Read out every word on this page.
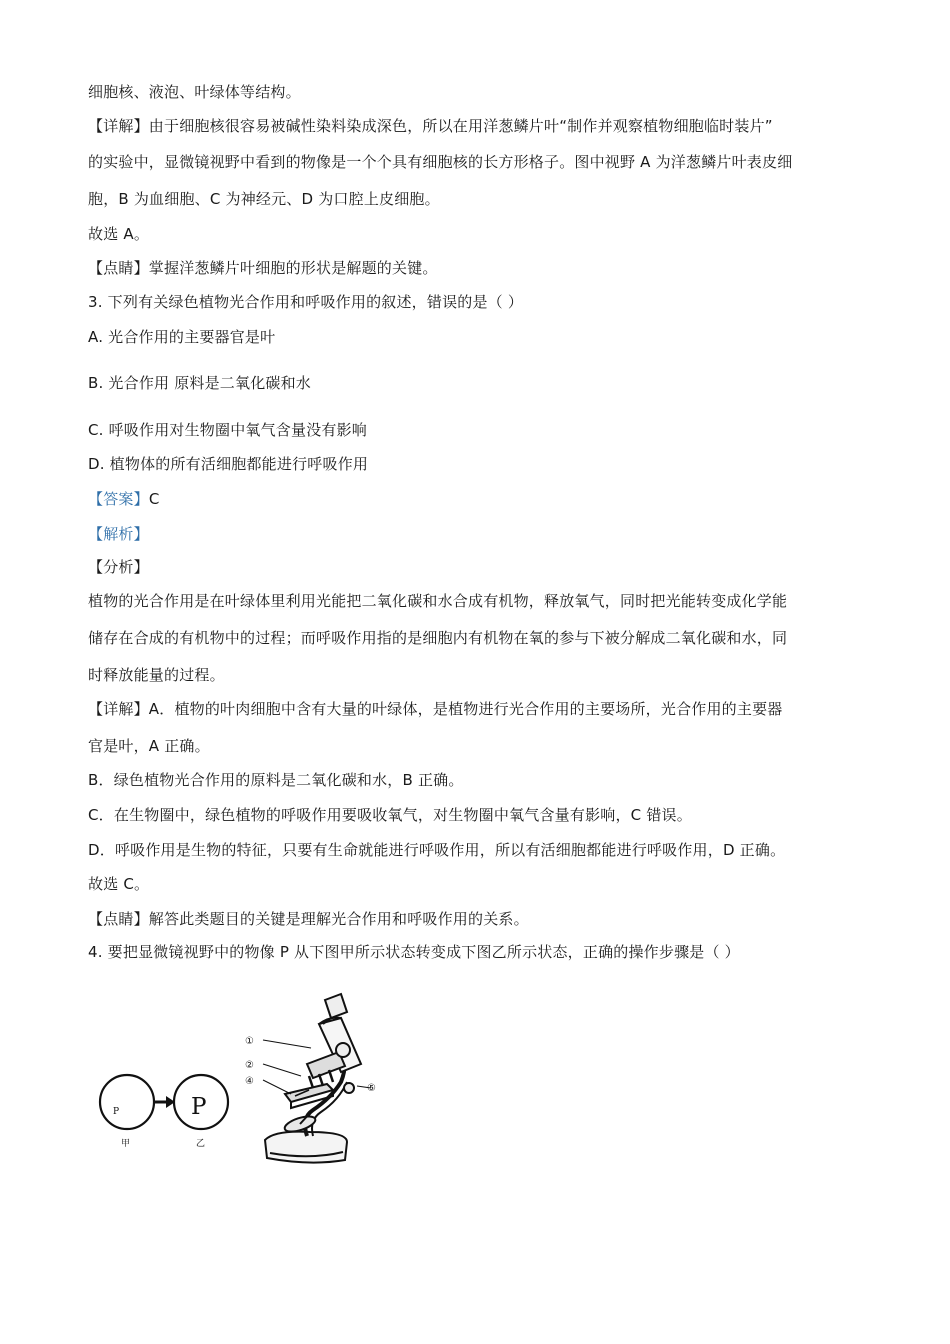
细胞核、液泡、叶绿体等结构。
【详解】由于细胞核很容易被碱性染料染成深色，所以在用洋葱鳞片叶“制作并观察植物细胞临时装片”
的实验中，显微镜视野中看到的物像是一个个具有细胞核的长方形格子。图中视野 A 为洋葱鳞片叶表皮细
胞，B 为血细胞、C 为神经元、D 为口腔上皮细胞。
故选 A。
【点睛】掌握洋葱鳞片叶细胞的形状是解题的关键。
3. 下列有关绿色植物光合作用和呼吸作用的叙述，错误的是（ ）
A. 光合作用的主要器官是叶
B. 光合作用 原料是二氧化碳和水
C. 呼吸作用对生物圈中氧气含量没有影响
D. 植物体的所有活细胞都能进行呼吸作用
【答案】C
【解析】
【分析】
植物的光合作用是在叶绿体里利用光能把二氧化碳和水合成有机物，释放氧气，同时把光能转变成化学能
储存在合成的有机物中的过程；而呼吸作用指的是细胞内有机物在氧的参与下被分解成二氧化碳和水，同
时释放能量的过程。
【详解】A．植物的叶肉细胞中含有大量的叶绿体，是植物进行光合作用的主要场所，光合作用的主要器
官是叶，A 正确。
B．绿色植物光合作用的原料是二氧化碳和水，B 正确。
C．在生物圈中，绿色植物的呼吸作用要吸收氧气，对生物圈中氧气含量有影响，C 错误。
D．呼吸作用是生物的特征，只要有生命就能进行呼吸作用，所以有活细胞都能进行呼吸作用，D 正确。
故选 C。
【点睛】解答此类题目的关键是理解光合作用和呼吸作用的关系。
4. 要把显微镜视野中的物像 P 从下图甲所示状态转变成下图乙所示状态，正确的操作步骤是（ ）
P
甲
P
乙
①
②
④
⑤
